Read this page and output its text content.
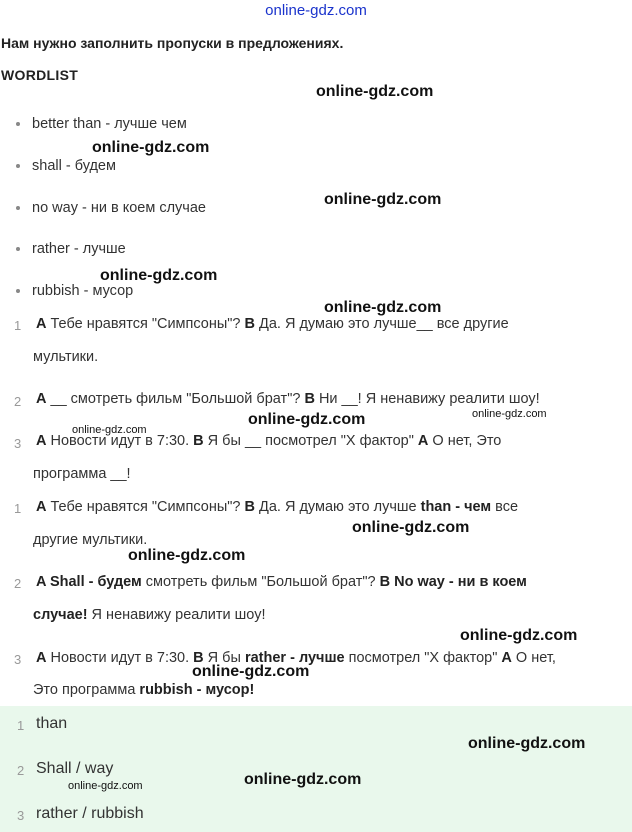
online-gdz.com
Нам нужно заполнить пропуски в предложениях.
WORDLIST
better than - лучше чем
shall - будем
no way - ни в коем случае
rather - лучше
rubbish - мусор
1 A Тебе нравятся "Симпсоны"? B Да. Я думаю это лучше__ все другие
мультики.
2 A __ смотреть фильм "Большой брат"? B Ни __! Я ненавижу реалити шоу!
3 A Новости идут в 7:30. B Я бы __ посмотрел "Х фактор" A О нет, Это
программа __!
1 A Тебе нравятся "Симпсоны"? B Да. Я думаю это лучше than - чем все
другие мультики.
2 A Shall - будем смотреть фильм "Большой брат"? B No way - ни в коем
случае! Я ненавижу реалити шоу!
3 A Новости идут в 7:30. B Я бы rather - лучше посмотрел "Х фактор" A О нет,
Это программа rubbish - мусор!
1 than
2 Shall / way
3 rather / rubbish
online-gdz.com
online-gdz.com
online-gdz.com
online-gdz.com
online-gdz.com
online-gdz.com
online-gdz.com
online-gdz.com
online-gdz.com
online-gdz.com
online-gdz.com
online-gdz.com
online-gdz.com
online-gdz.com
online-gdz.com
